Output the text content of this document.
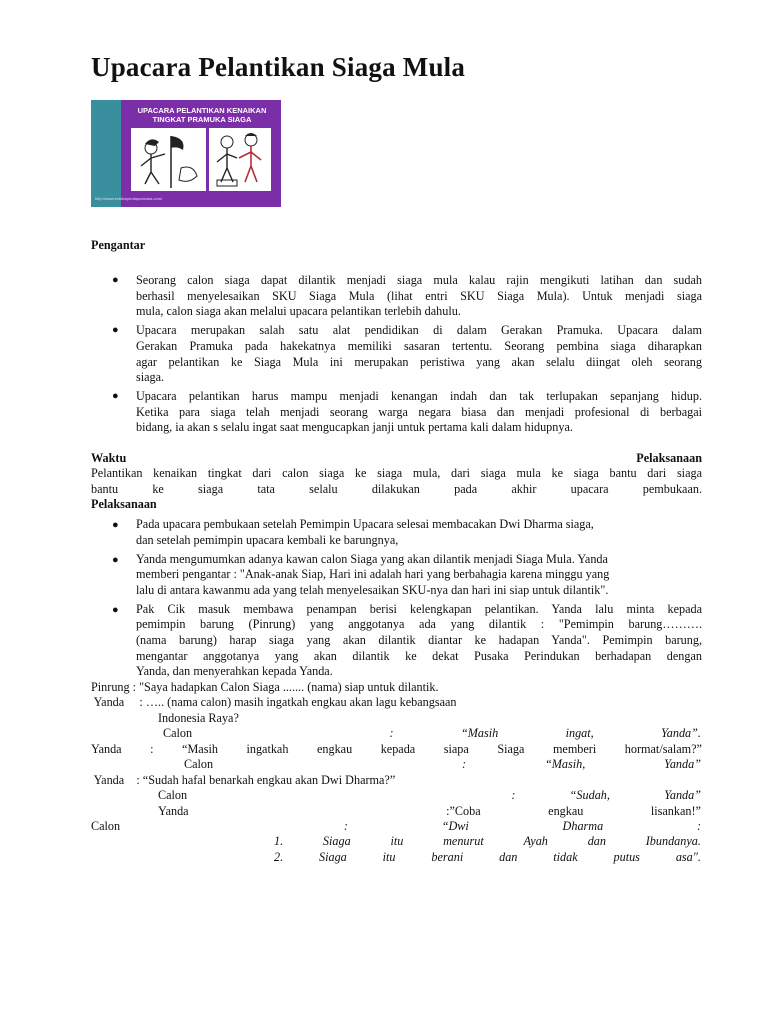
Upacara Pelantikan Siaga Mula
UPACARA PELANTIKAN KENAIKAN
TINGKAT PRAMUKA SIAGA
http://www.ensiklopediapramuka.com/
Pengantar
● Seorang calon siaga dapat dilantik menjadi siaga mula kalau rajin mengikuti latihan dan sudah
berhasil menyelesaikan SKU Siaga Mula (lihat entri SKU Siaga Mula). Untuk menjadi siaga
mula, calon siaga akan melalui upacara pelantikan terlebih dahulu.
● Upacara merupakan salah satu alat pendidikan di dalam Gerakan Pramuka. Upacara dalam
Gerakan Pramuka pada hakekatnya memiliki sasaran tertentu. Seorang pembina siaga diharapkan
agar pelantikan ke Siaga Mula ini merupakan peristiwa yang akan selalu diingat oleh seorang
siaga.
● Upacara pelantikan harus mampu menjadi kenangan indah dan tak terlupakan sepanjang hidup.
Ketika para siaga telah menjadi seorang warga negara biasa dan menjadi profesional di berbagai
bidang, ia akan s selalu ingat saat mengucapkan janji untuk pertama kali dalam hidupnya.
Waktu	Pelaksanaan
Pelantikan kenaikan tingkat dari calon siaga ke siaga mula, dari siaga mula ke siaga bantu dari siaga
bantu ke siaga tata selalu dilakukan pada akhir upacara pembukaan.
Pelaksanaan
● Pada upacara pembukaan setelah Pemimpin Upacara selesai membacakan Dwi Dharma siaga,
dan setelah pemimpin upacara kembali ke barungnya,
● Yanda mengumumkan adanya kawan calon Siaga yang akan dilantik menjadi Siaga Mula. Yanda
memberi pengantar : "Anak-anak Siap, Hari ini adalah hari yang berbahagia karena minggu yang
lalu di antara kawanmu ada yang telah menyelesaikan SKU-nya dan hari ini siap untuk dilantik".
● Pak Cik masuk membawa penampan berisi kelengkapan pelantikan. Yanda lalu minta kepada
pemimpin barung (Pinrung) yang anggotanya ada yang dilantik : "Pemimpin barung……….
(nama barung) harap siaga yang akan dilantik diantar ke hadapan Yanda". Pemimpin barung,
mengantar anggotanya yang akan dilantik ke dekat Pusaka Perindukan berhadapan dengan
Yanda, dan menyerahkan kepada Yanda.
Pinrung : "Saya hadapkan Calon Siaga ....... (nama) siap untuk dilantik.
Yanda     : ….. (nama calon) masih ingatkah engkau akan lagu kebangsaan
Indonesia Raya?
Calon	:	“Masih	ingat,	Yanda”.
Yanda : “Masih ingatkah engkau kepada siapa Siaga memberi hormat/salam?”
Calon	:	“Masih,	Yanda”
Yanda    : “Sudah hafal benarkah engkau akan Dwi Dharma?”
Calon	:	“Sudah,	Yanda”
Yanda	:”Coba	engkau	lisankan!”
Calon	:	“Dwi	Dharma	:
1.	Siaga	itu	menurut	Ayah	dan	Ibundanya.
2.	Siaga	itu	berani	dan	tidak	putus	asa".
